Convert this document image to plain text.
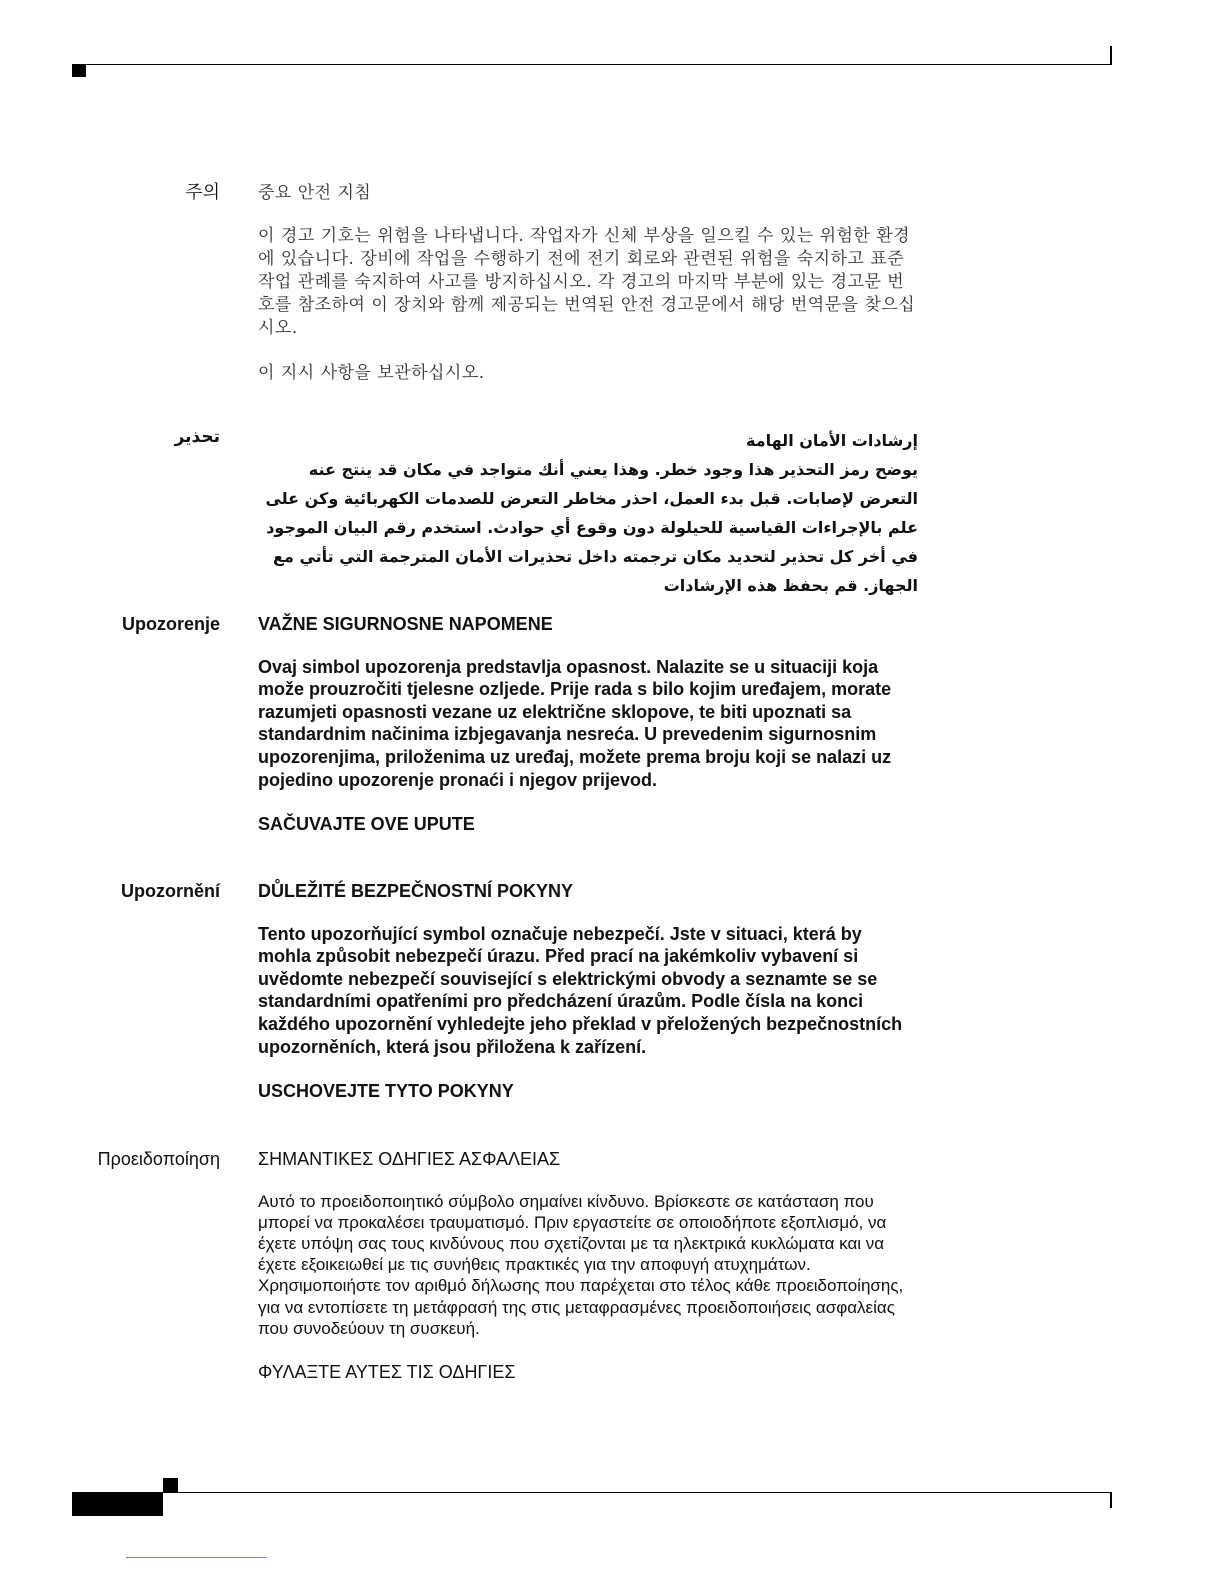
주의 중요 안전 지침

이 경고 기호는 위험을 나타냅니다. 작업자가 신체 부상을 일으킬 수 있는 위험한 환경에 있습니다. 장비에 작업을 수행하기 전에 전기 회로와 관련된 위험을 숙지하고 표준 작업 관례를 숙지하여 사고를 방지하십시오. 각 경고의 마지막 부분에 있는 경고문 번호를 참조하여 이 장치와 함께 제공되는 번역된 안전 경고문에서 해당 번역문을 찾으십시오.

이 지시 사항을 보관하십시오.

تحذير	إرشادات الأمان الهامة

يوضح رمز التحذير هذا وجود خطر. وهذا يعني أنك متواجد في مكان قد ينتج عنه التعرض لإصابات. قبل بدء العمل، احذر مخاطر التعرض للصدمات الكهربائية وكن على علم بالإجراءات القياسية للحيلولة دون وقوع أي حوادث. استخدم رقم البيان الموجود في أخر كل تحذير لتحديد مكان ترجمته داخل تحذيرات الأمان المترجمة التي تأتي مع الجهاز. قم بحفظ هذه الإرشادات

Upozorenje VAŽNE SIGURNOSNE NAPOMENE

Ovaj simbol upozorenja predstavlja opasnost. Nalazite se u situaciji koja može prouzročiti tjelesne ozljede. Prije rada s bilo kojim uređajem, morate razumjeti opasnosti vezane uz električne sklopove, te biti upoznati sa standardnim načinima izbjegavanja nesreća. U prevedenim sigurnosnim upozorenjima, priloženima uz uređaj, možete prema broju koji se nalazi uz pojedino upozorenje pronaći i njegov prijevod.

SAČUVAJTE OVE UPUTE

Upozornění DŮLEŽITÉ BEZPEČNOSTNÍ POKYNY

Tento upozorňující symbol označuje nebezpečí. Jste v situaci, která by mohla způsobit nebezpečí úrazu. Před prací na jakémkoliv vybavení si uvědomte nebezpečí související s elektrickými obvody a seznamte se se standardními opatřeními pro předcházení úrazům. Podle čísla na konci každého upozornění vyhledejte jeho překlad v přeložených bezpečnostních upozorněních, která jsou přiložena k zařízení.

USCHOVEJTE TYTO POKYNY

Προειδοποίηση ΣΗΜΑΝΤΙΚΕΣ ΟΔΗΓΙΕΣ ΑΣΦΑΛΕΙΑΣ

Αυτό το προειδοποιητικό σύμβολο σημαίνει κίνδυνο. Βρίσκεστε σε κατάσταση που μπορεί να προκαλέσει τραυματισμό. Πριν εργαστείτε σε οποιοδήποτε εξοπλισμό, να έχετε υπόψη σας τους κινδύνους που σχετίζονται με τα ηλεκτρικά κυκλώματα και να έχετε εξοικειωθεί με τις συνήθεις πρακτικές για την αποφυγή ατυχημάτων. Χρησιμοποιήστε τον αριθμό δήλωσης που παρέχεται στο τέλος κάθε προειδοποίησης, για να εντοπίσετε τη μετάφρασή της στις μεταφρασμένες προειδοποιήσεις ασφαλείας που συνοδεύουν τη συσκευή.

ΦΥΛΑΞΤΕ ΑΥΤΕΣ ΤΙΣ ΟΔΗΓΙΕΣ
